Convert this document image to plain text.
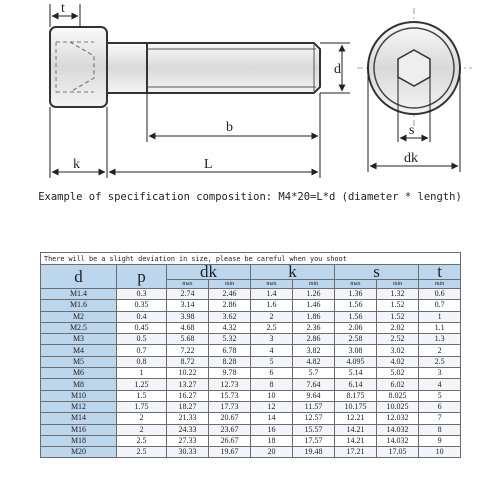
t
d
b
k	L
s
dk
Example of specification composition: M4*20=L*d (diameter * length)
There will be a slight deviation in size, please be careful when you shoot								
d	p	dk		k		s		t
		max	min	max	min	max	min	min
M1.4	0.3	2.74	2.46	1.4	1.26	1.36	1.32	0.6
M1.6	0.35	3.14	2.86	1.6	1.46	1.56	1.52	0.7
M2	0.4	3.98	3.62	2	1.86	1.56	1.52	1
M2.5	0.45	4.68	4.32	2.5	2.36	2.06	2.02	1.1
M3	0.5	5.68	5.32	3	2.86	2.58	2.52	1.3
M4	0.7	7.22	6.78	4	3.82	3.08	3.02	2
M5	0.8	8.72	8.28	5	4.82	4.095	4.02	2.5
M6	1	10.22	9.78	6	5.7	5.14	5.02	3
M8	1.25	13.27	12.73	8	7.64	6.14	6.02	4
M10	1.5	16.27	15.73	10	9.64	8.175	8.025	5
M12	1.75	18.27	17.73	12	11.57	10.175	10.025	6
M14	2	21.33	20.67	14	12.57	12.21	12.032	7
M16	2	24.33	23.67	16	15.57	14.21	14.032	8
M18	2.5	27.33	26.67	18	17.57	14.21	14.032	9
M20	2.5	30.33	19.67	20	19.48	17.21	17.05	10
